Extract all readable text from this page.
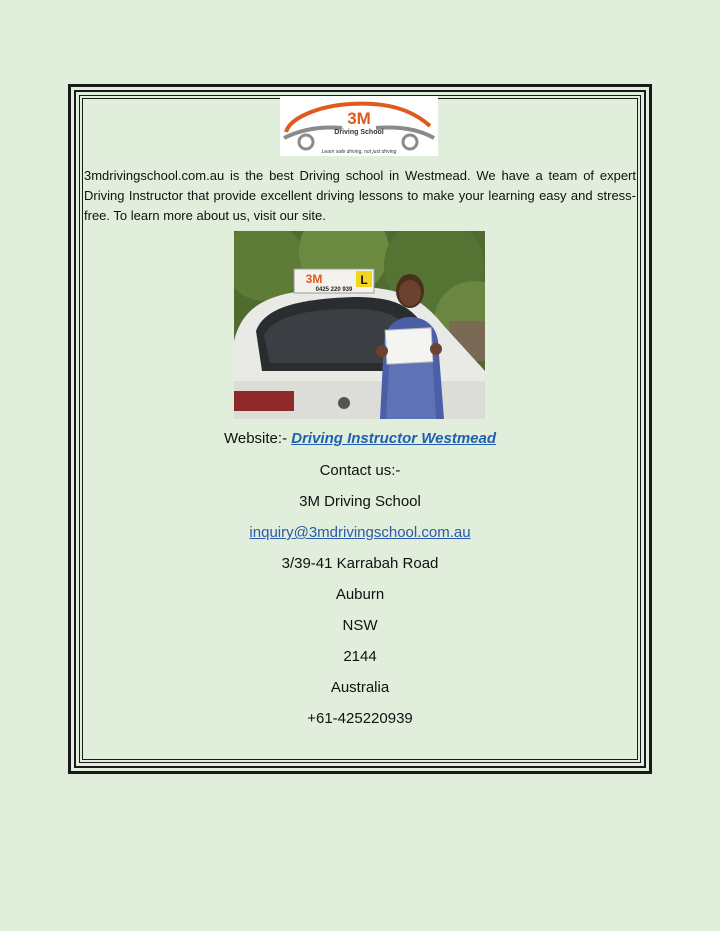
3M
Driving School
Learn safe driving, not just driving

3mdrivingschool.com.au is the best Driving school in Westmead. We have a team of expert Driving Instructor that provide excellent driving lessons to make your learning easy and stress-free. To learn more about us, visit our site.

3M
0425 220 939
L
Website:- Driving Instructor Westmead
Contact us:-
3M Driving School
inquiry@3mdrivingschool.com.au
3/39-41 Karrabah Road
Auburn
NSW
2144
Australia
+61-425220939
